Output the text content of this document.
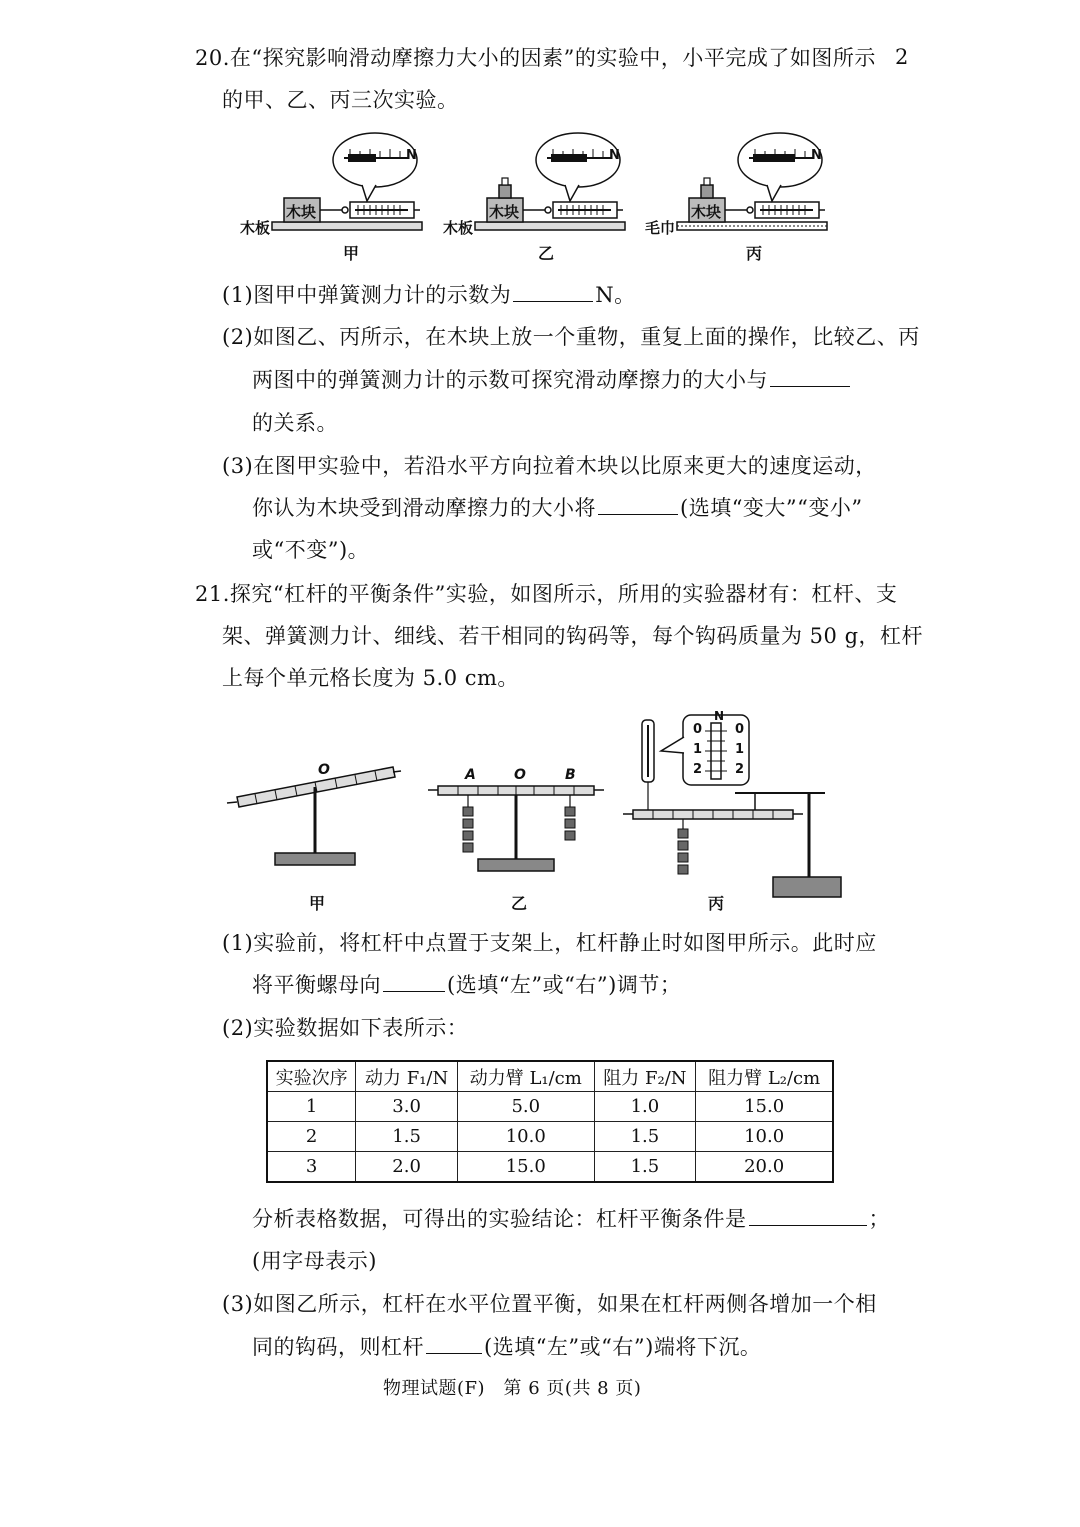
2
20.在“探究影响滑动摩擦力大小的因素”的实验中，小平完成了如图所示
的甲、乙、丙三次实验。
木块	木块	木块
木板	木板	毛巾
N	N	N
甲	乙	丙
(1)图甲中弹簧测力计的示数为	N。
(2)如图乙、丙所示，在木块上放一个重物，重复上面的操作，比较乙、丙
两图中的弹簧测力计的示数可探究滑动摩擦力的大小与
的关系。
(3)在图甲实验中，若沿水平方向拉着木块以比原来更大的速度运动，
你认为木块受到滑动摩擦力的大小将	(选填“变大”“变小”
或“不变”)。
21.探究“杠杆的平衡条件”实验，如图所示，所用的实验器材有：杠杆、支
架、弹簧测力计、细线、若干相同的钩码等，每个钩码质量为 50 g，杠杆
上每个单元格长度为 5.0 cm。
O	A	O	B
N
0
1
2
0
1
2
甲	乙	丙
(1)实验前，将杠杆中点置于支架上，杠杆静止时如图甲所示。此时应
将平衡螺母向	(选填“左”或“右”)调节；
(2)实验数据如下表所示：
实验次序	动力 F₁/N	动力臂 L₁/cm	阻力 F₂/N	阻力臂 L₂/cm
1	3.0	5.0	1.0	15.0
2	1.5	10.0	1.5	10.0
3	2.0	15.0	1.5	20.0
分析表格数据，可得出的实验结论：杠杆平衡条件是	；
(用字母表示)
(3)如图乙所示，杠杆在水平位置平衡，如果在杠杆两侧各增加一个相
同的钩码，则杠杆	(选填“左”或“右”)端将下沉。
物理试题(F)　第 6 页(共 8 页)
